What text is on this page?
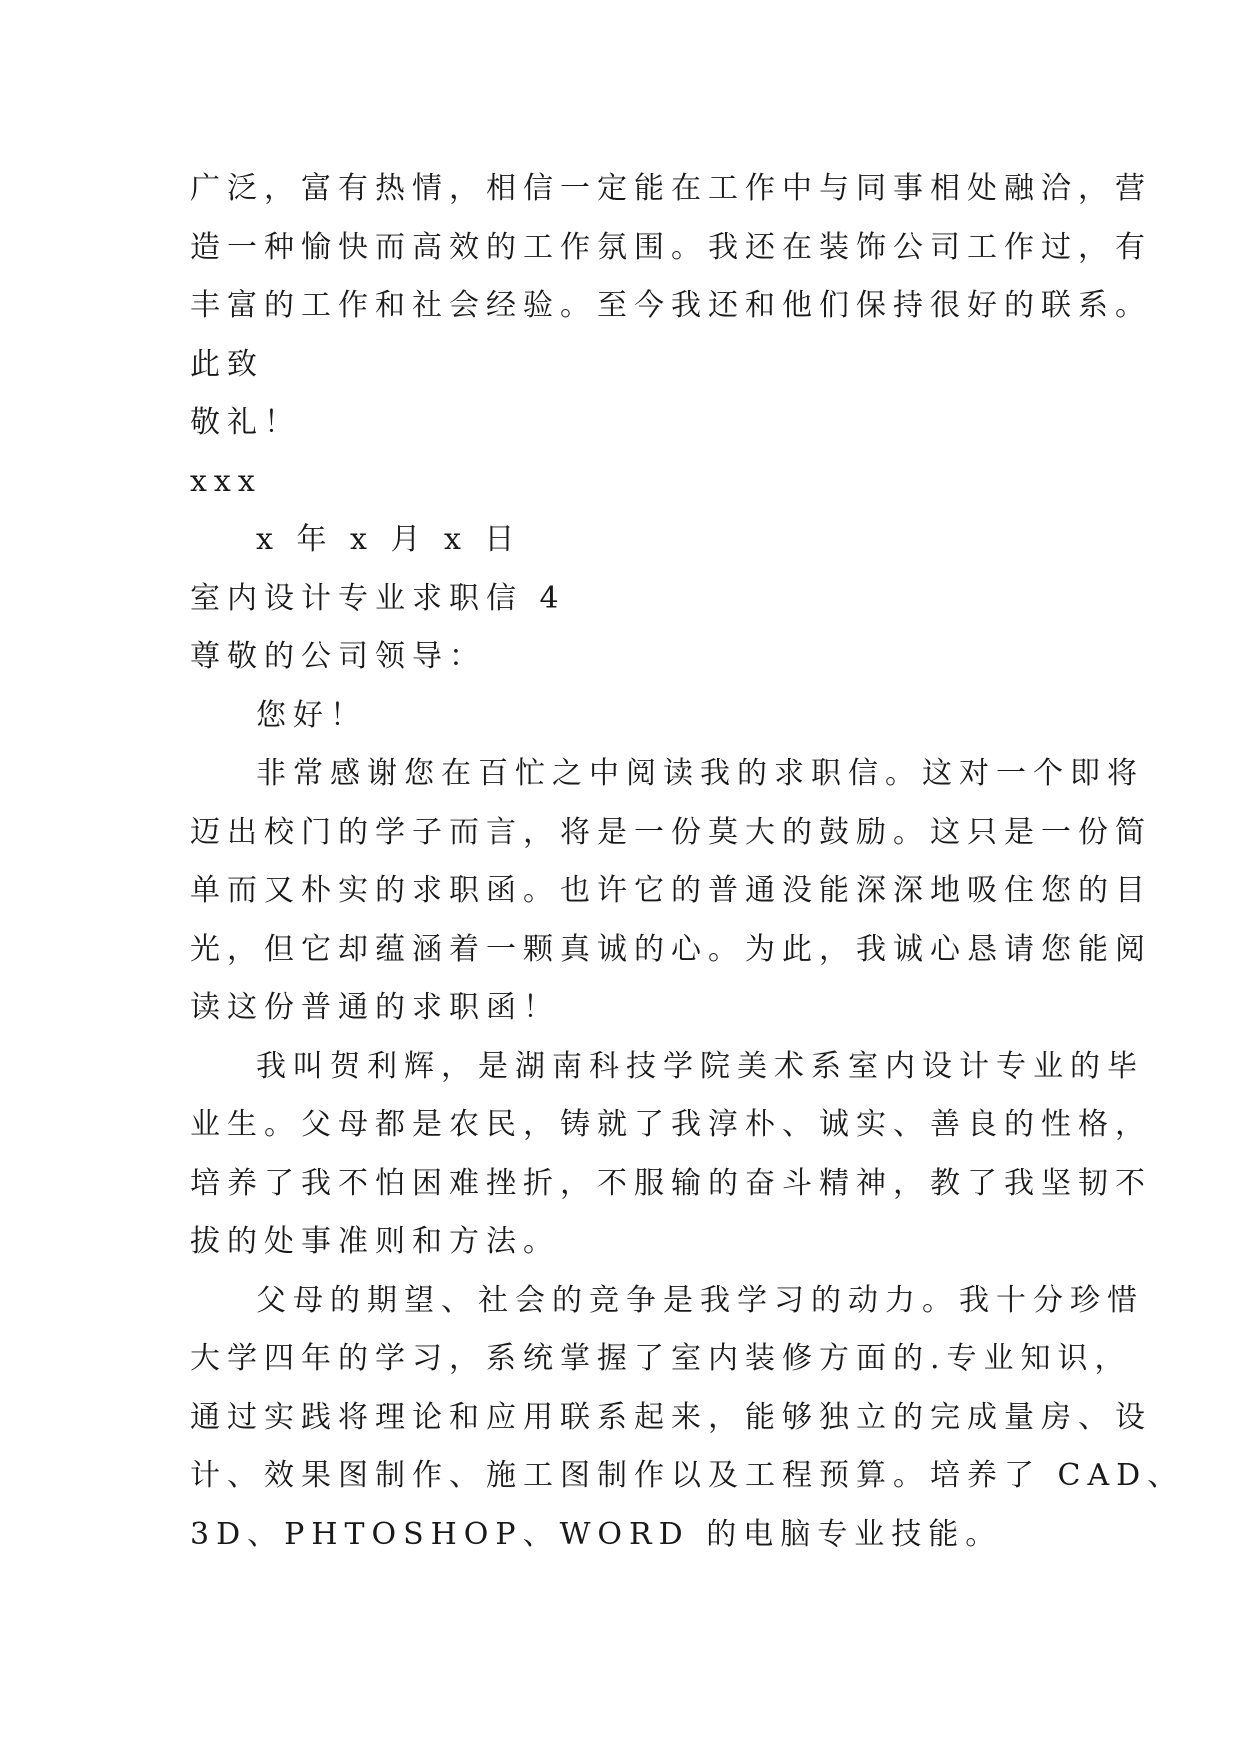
广泛，富有热情，相信一定能在工作中与同事相处融洽，营
造一种愉快而高效的工作氛围。我还在装饰公司工作过，有
丰富的工作和社会经验。至今我还和他们保持很好的联系。
此致
敬礼！
xxx
x 年 x 月 x 日
室内设计专业求职信 4
尊敬的公司领导：
您好！
非常感谢您在百忙之中阅读我的求职信。这对一个即将
迈出校门的学子而言，将是一份莫大的鼓励。这只是一份简
单而又朴实的求职函。也许它的普通没能深深地吸住您的目
光，但它却蕴涵着一颗真诚的心。为此，我诚心恳请您能阅
读这份普通的求职函！
我叫贺利辉，是湖南科技学院美术系室内设计专业的毕
业生。父母都是农民，铸就了我淳朴、诚实、善良的性格，
培养了我不怕困难挫折，不服输的奋斗精神，教了我坚韧不
拔的处事准则和方法。
父母的期望、社会的竞争是我学习的动力。我十分珍惜
大学四年的学习，系统掌握了室内装修方面的.专业知识，
通过实践将理论和应用联系起来，能够独立的完成量房、设
计、效果图制作、施工图制作以及工程预算。培养了 CAD、
3D、PHTOSHOP、WORD 的电脑专业技能。
